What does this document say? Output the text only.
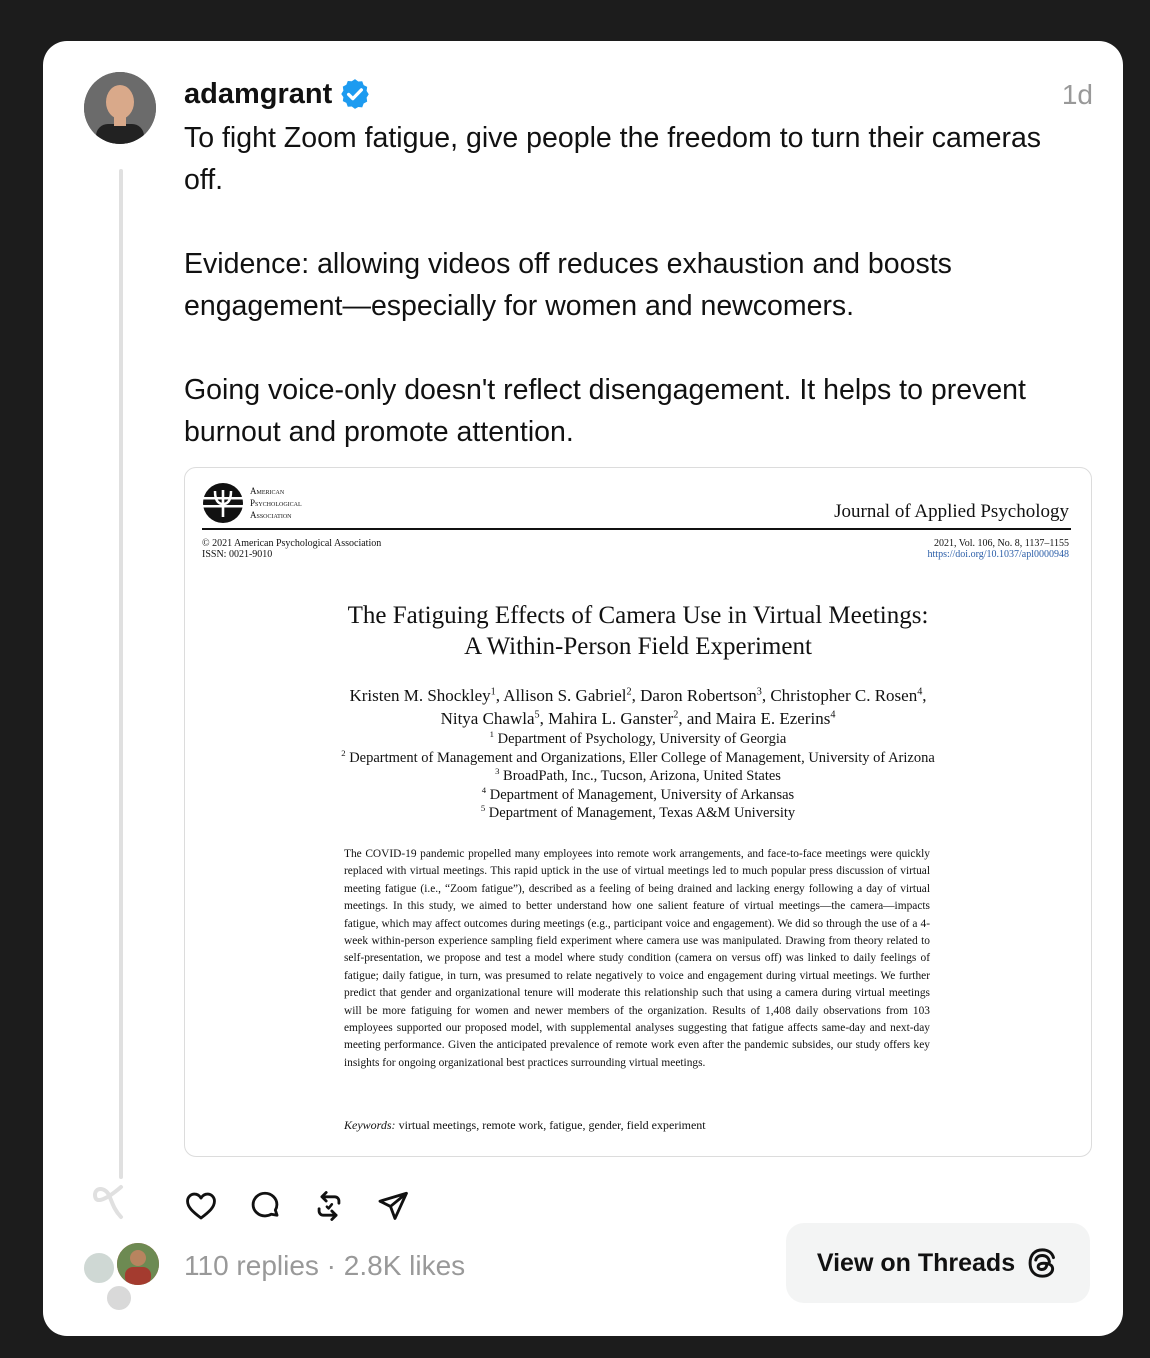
adamgrant	1d

To fight Zoom fatigue, give people the freedom to turn their cameras off.

Evidence: allowing videos off reduces exhaustion and boosts engagement—especially for women and newcomers.

Going voice-only doesn't reflect disengagement. It helps to prevent burnout and promote attention.

American
Psychological
Association	Journal of Applied Psychology
© 2021 American Psychological Association
ISSN: 0021-9010
2021, Vol. 106, No. 8, 1137–1155
https://doi.org/10.1037/apl0000948
The Fatiguing Effects of Camera Use in Virtual Meetings:
A Within-Person Field Experiment
Kristen M. Shockley$^1$, Allison S. Gabriel$^2$, Daron Robertson$^3$, Christopher C. Rosen$^4$,
Nitya Chawla$^5$, Mahira L. Ganster$^2$, and Maira E. Ezerins$^4$
$^1$ Department of Psychology, University of Georgia
$^2$ Department of Management and Organizations, Eller College of Management, University of Arizona
$^3$ BroadPath, Inc., Tucson, Arizona, United States
$^4$ Department of Management, University of Arkansas
$^5$ Department of Management, Texas A&M University
The COVID-19 pandemic propelled many employees into remote work arrangements, and face-to-face meetings were quickly replaced with virtual meetings. This rapid uptick in the use of virtual meetings led to much popular press discussion of virtual meeting fatigue (i.e., “Zoom fatigue”), described as a feeling of being drained and lacking energy following a day of virtual meetings. In this study, we aimed to better understand how one salient feature of virtual meetings—the camera—impacts fatigue, which may affect outcomes during meetings (e.g., participant voice and engagement). We did so through the use of a 4-week within-person experience sampling field experiment where camera use was manipulated. Drawing from theory related to self-presentation, we propose and test a model where study condition (camera on versus off) was linked to daily feelings of fatigue; daily fatigue, in turn, was presumed to relate negatively to voice and engagement during virtual meetings. We further predict that gender and organizational tenure will moderate this relationship such that using a camera during virtual meetings will be more fatiguing for women and newer members of the organization. Results of 1,408 daily observations from 103 employees supported our proposed model, with supplemental analyses suggesting that fatigue affects same-day and next-day meeting performance. Given the anticipated prevalence of remote work even after the pandemic subsides, our study offers key insights for ongoing organizational best practices surrounding virtual meetings.
Keywords: virtual meetings, remote work, fatigue, gender, field experiment
110 replies · 2.8K likes	View on Threads
